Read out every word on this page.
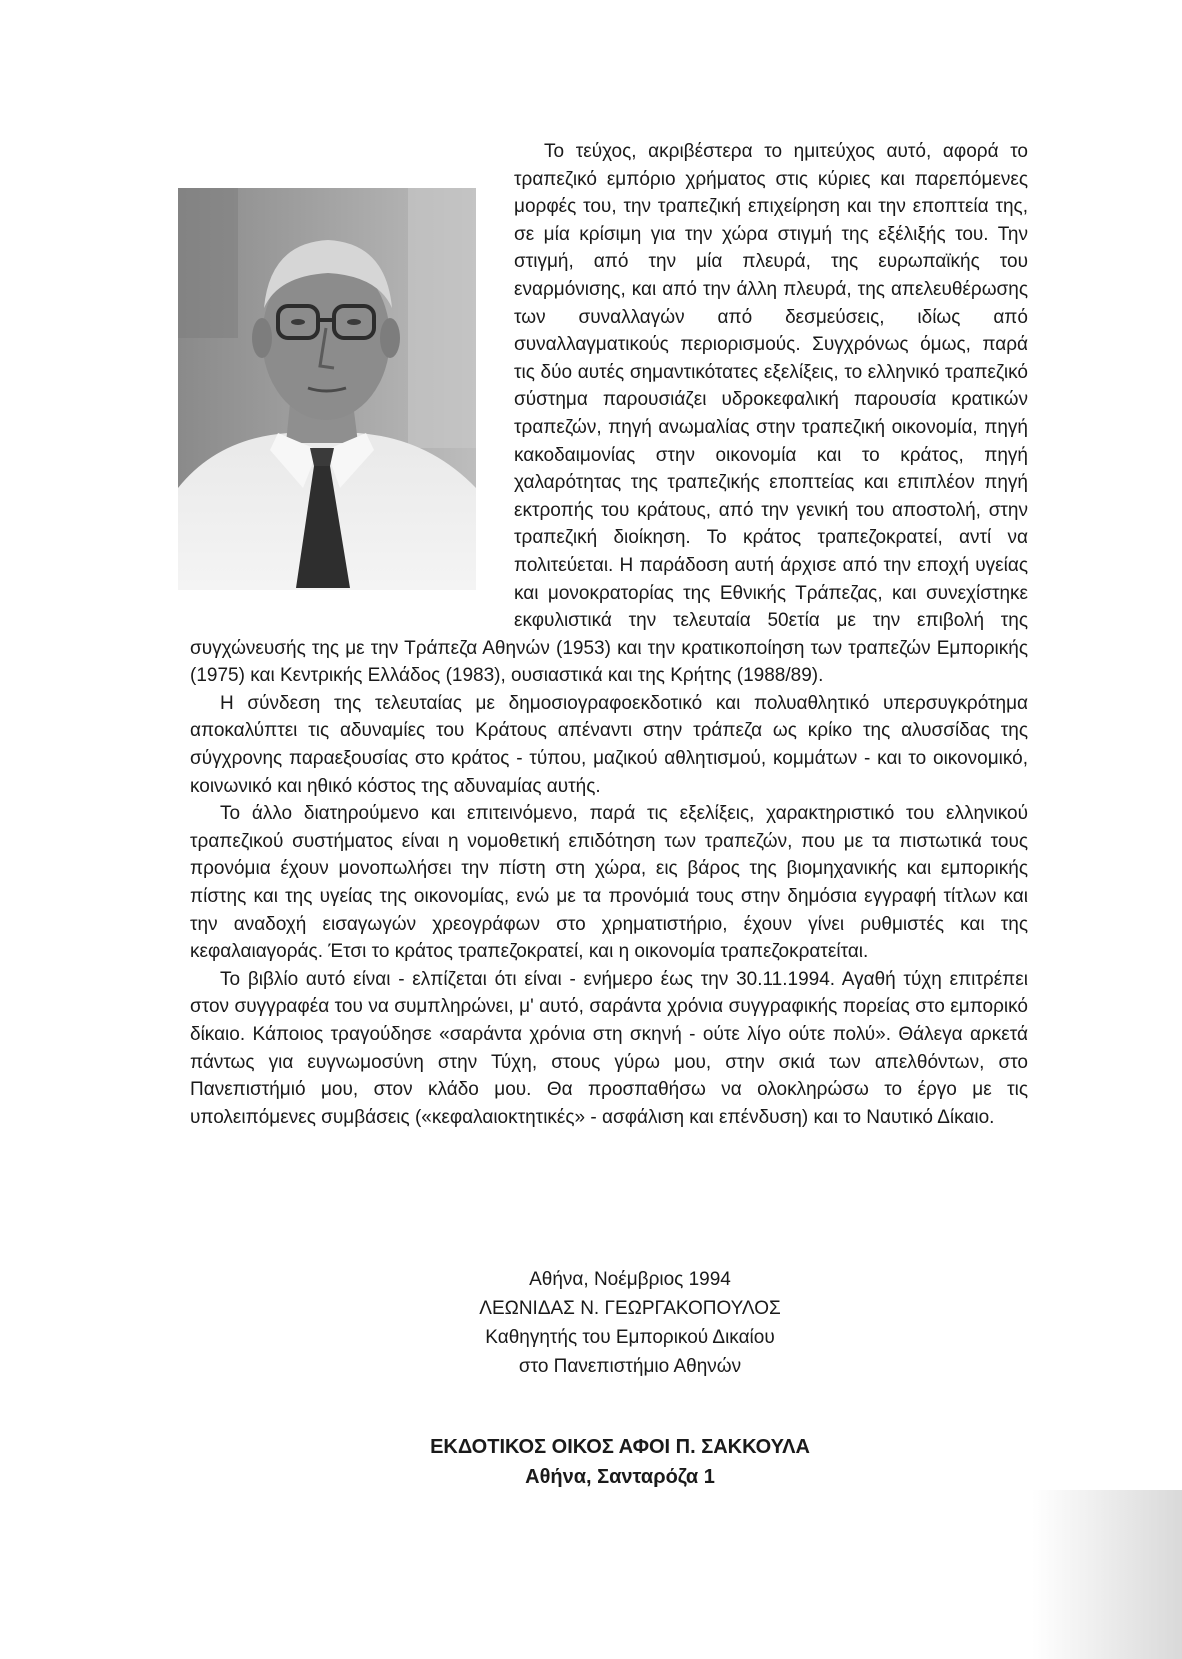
Το τεύχος, ακριβέστερα το ημιτεύχος αυτό, αφορά το τραπεζικό εμπόριο χρήματος στις κύριες και παρεπόμενες μορφές του, την τραπεζική επιχείρηση και την εποπτεία της, σε μία κρίσιμη για την χώρα στιγμή της εξέλιξής του. Την στιγμή, από την μία πλευρά, της ευρωπαϊκής του εναρμόνισης, και από την άλλη πλευρά, της απελευθέρωσης των συναλλαγών από δεσμεύσεις, ιδίως από συναλλαγματικούς περιορισμούς. Συγχρόνως όμως, παρά τις δύο αυτές σημαντικότατες εξελίξεις, το ελληνικό τραπεζικό σύστημα παρουσιάζει υδροκεφαλική παρουσία κρατικών τραπεζών, πηγή ανωμαλίας στην τραπεζική οικονομία, πηγή κακοδαιμονίας στην οικονομία και το κράτος, πηγή χαλαρότητας της τραπεζικής εποπτείας και επιπλέον πηγή εκτροπής του κράτους, από την γενική του αποστολή, στην τραπεζική διοίκηση. Το κράτος τραπεζοκρατεί, αντί να πολιτεύεται. Η παράδοση αυτή άρχισε από την εποχή υγείας και μονοκρατορίας της Εθνικής Τράπεζας, και συνεχίστηκε εκφυλιστικά την τελευταία 50ετία με την επιβολή της συγχώνευσής της με την Τράπεζα Αθηνών (1953) και την κρατικοποίηση των τραπεζών Εμπορικής (1975) και Κεντρικής Ελλάδος (1983), ουσιαστικά και της Κρήτης (1988/89).

Η σύνδεση της τελευταίας με δημοσιογραφοεκδοτικό και πολυαθλητικό υπερσυγκρότημα αποκαλύπτει τις αδυναμίες του Κράτους απέναντι στην τράπεζα ως κρίκο της αλυσσίδας της σύγχρονης παραεξουσίας στο κράτος - τύπου, μαζικού αθλητισμού, κομμάτων - και το οικονομικό, κοινωνικό και ηθικό κόστος της αδυναμίας αυτής.

Το άλλο διατηρούμενο και επιτεινόμενο, παρά τις εξελίξεις, χαρακτηριστικό του ελληνικού τραπεζικού συστήματος είναι η νομοθετική επιδότηση των τραπεζών, που με τα πιστωτικά τους προνόμια έχουν μονοπωλήσει την πίστη στη χώρα, εις βάρος της βιομηχανικής και εμπορικής πίστης και της υγείας της οικονομίας, ενώ με τα προνόμιά τους στην δημόσια εγγραφή τίτλων και την αναδοχή εισαγωγών χρεογράφων στο χρηματιστήριο, έχουν γίνει ρυθμιστές και της κεφαλαιαγοράς. Έτσι το κράτος τραπεζοκρατεί, και η οικονομία τραπεζοκρατείται.

Το βιβλίο αυτό είναι - ελπίζεται ότι είναι - ενήμερο έως την 30.11.1994. Αγαθή τύχη επιτρέπει στον συγγραφέα του να συμπληρώνει, μ' αυτό, σαράντα χρόνια συγγραφικής πορείας στο εμπορικό δίκαιο. Κάποιος τραγούδησε «σαράντα χρόνια στη σκηνή - ούτε λίγο ούτε πολύ». Θάλεγα αρκετά πάντως για ευγνωμοσύνη στην Τύχη, στους γύρω μου, στην σκιά των απελθόντων, στο Πανεπιστήμιό μου, στον κλάδο μου. Θα προσπαθήσω να ολοκληρώσω το έργο με τις υπολειπόμενες συμβάσεις («κεφαλαιοκτητικές» - ασφάλιση και επένδυση) και το Ναυτικό Δίκαιο.

Αθήνα, Νοέμβριος 1994
ΛΕΩΝΙΔΑΣ Ν. ΓΕΩΡΓΑΚΟΠΟΥΛΟΣ
Καθηγητής του Εμπορικού Δικαίου
στο Πανεπιστήμιο Αθηνών
ΕΚΔΟΤΙΚΟΣ ΟΙΚΟΣ ΑΦΟΙ Π. ΣΑΚΚΟΥΛΑ
Αθήνα, Σανταρόζα 1
